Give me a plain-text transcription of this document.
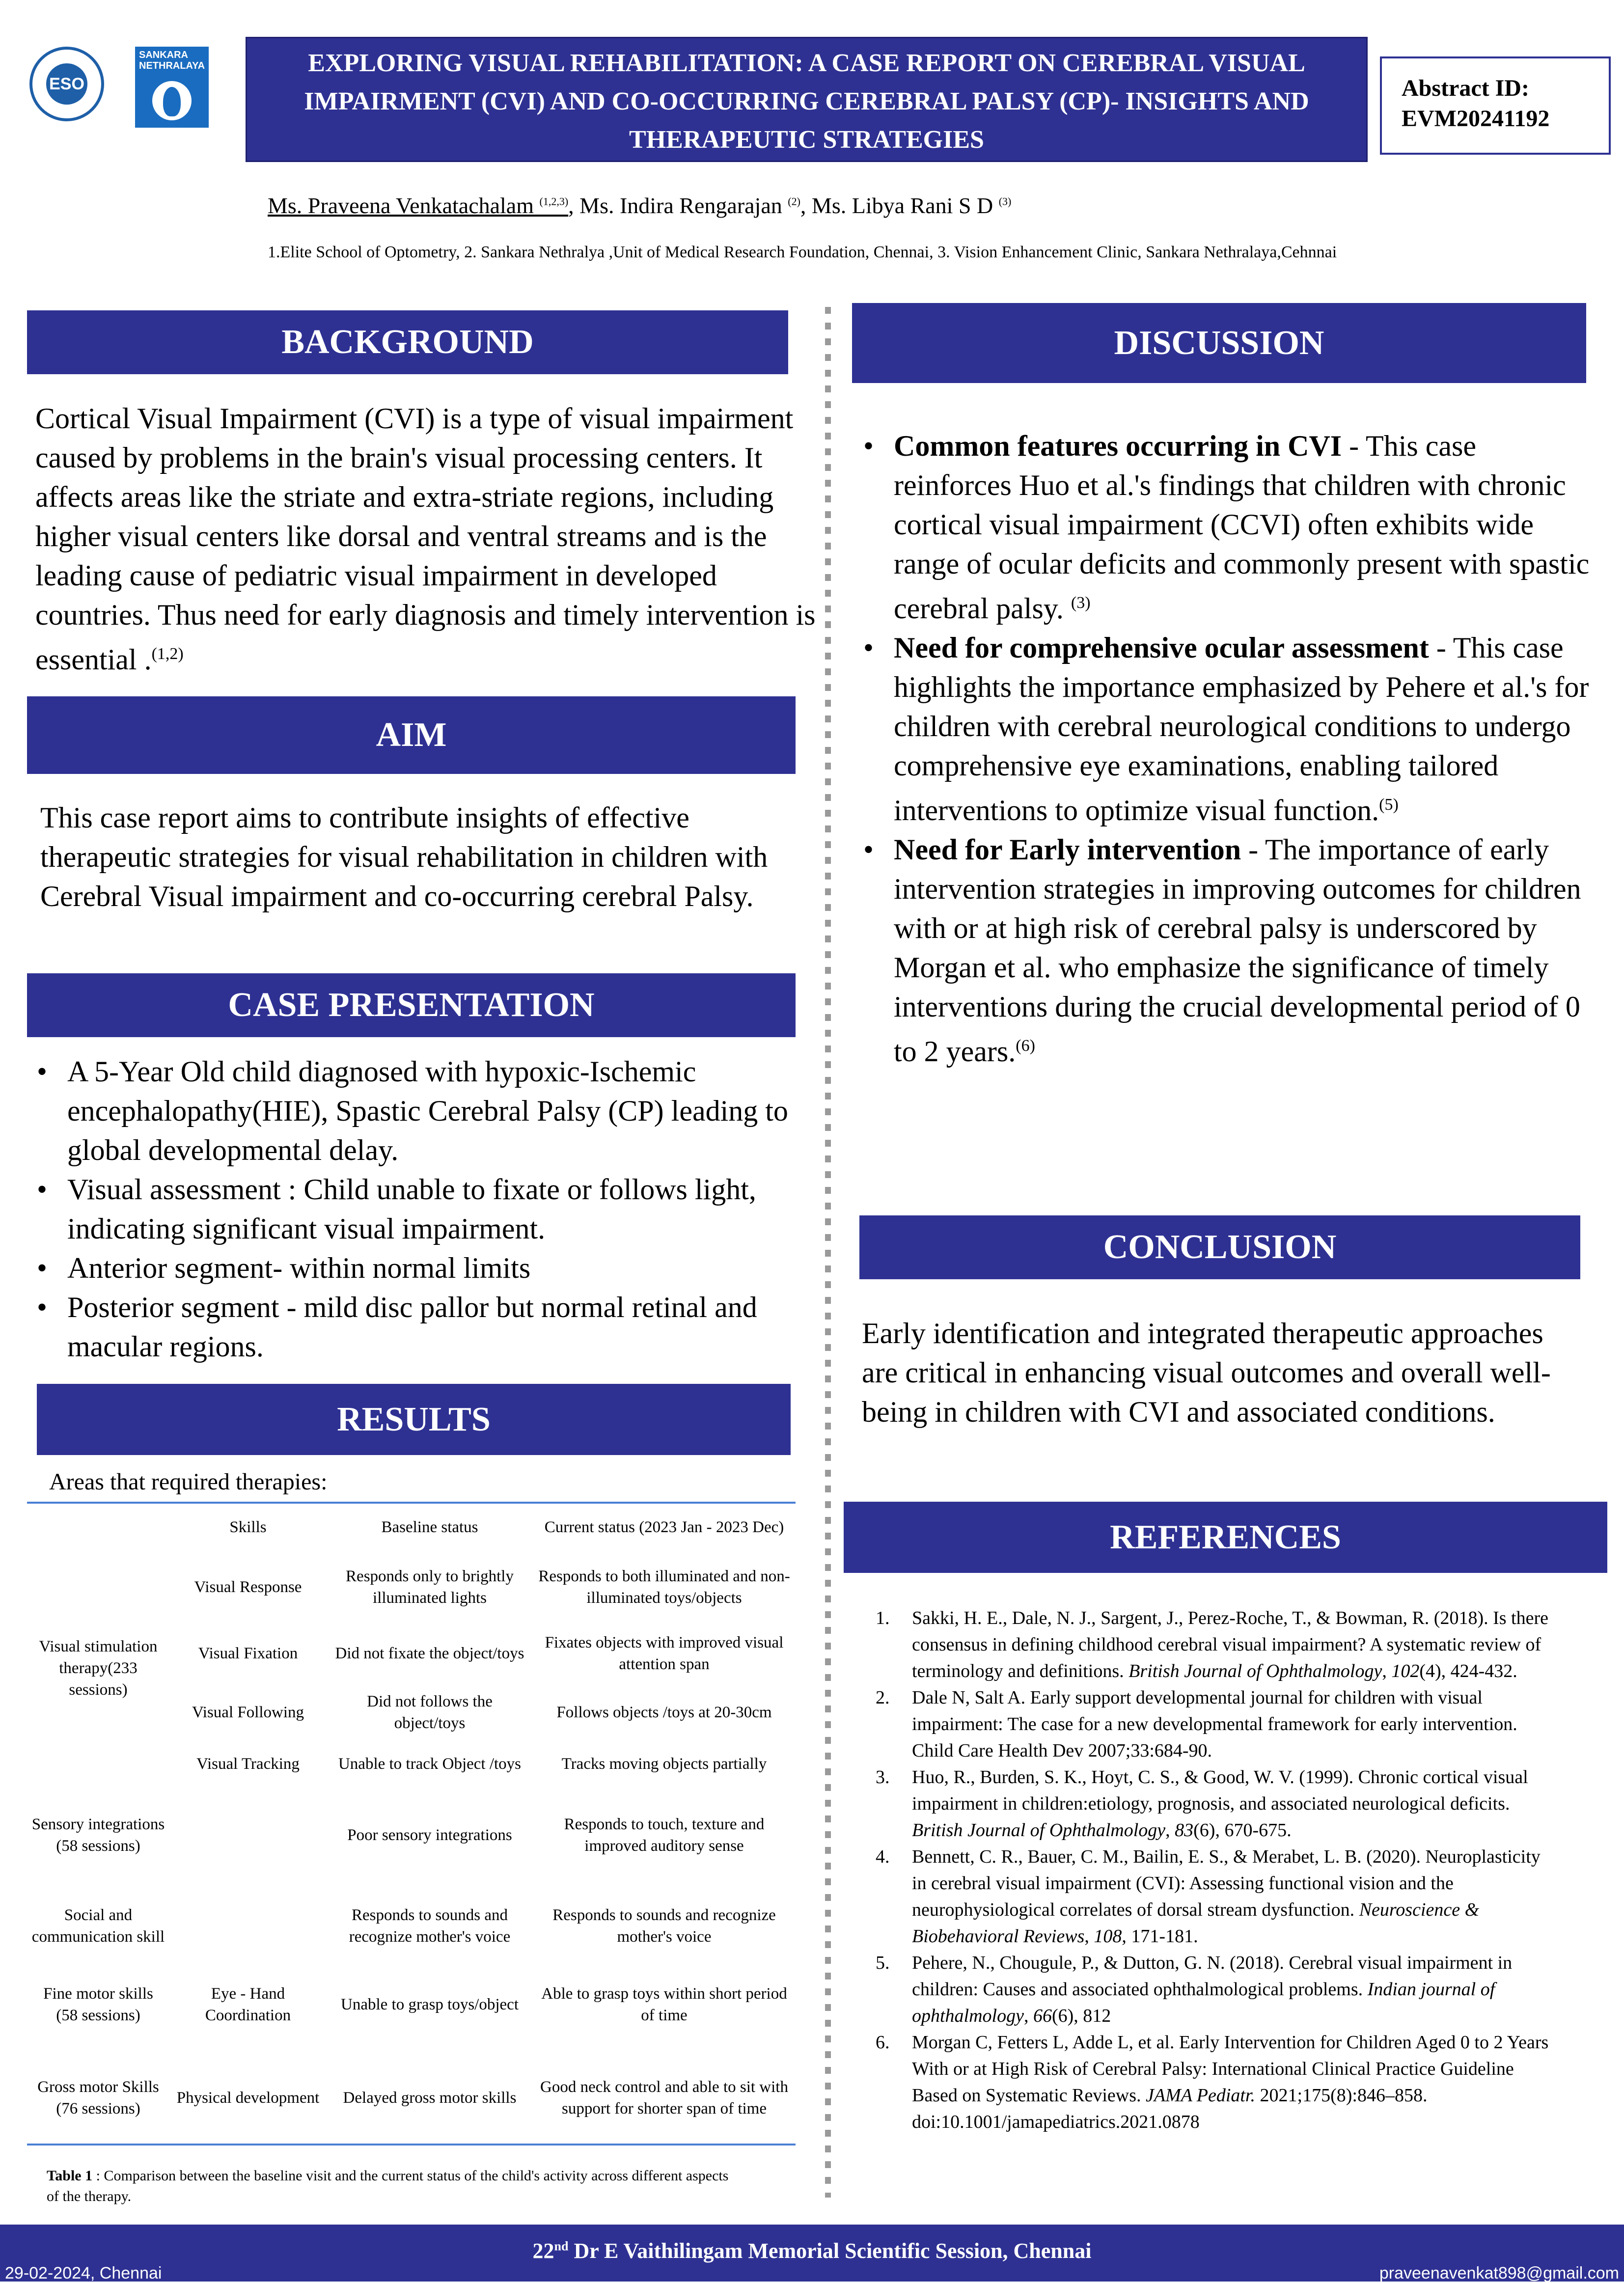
ESO
SANKARA NETHRALAYA	EXPLORING VISUAL REHABILITATION: A CASE REPORT ON CEREBRAL VISUAL IMPAIRMENT (CVI) AND CO-OCCURRING CEREBRAL PALSY (CP)- INSIGHTS AND THERAPEUTIC STRATEGIES
Abstract ID:
EVM20241192
Ms. Praveena Venkatachalam $^{(1,2,3)}$, Ms. Indira Rengarajan $^{(2)}$, Ms. Libya Rani S D $^{(3)}$
1.Elite School of Optometry, 2. Sankara Nethralya ,Unit of Medical Research Foundation, Chennai, 3. Vision Enhancement Clinic, Sankara Nethralaya,Cehnnai
BACKGROUND
Cortical Visual Impairment (CVI) is a type of visual impairment caused by problems in the brain's visual processing centers. It affects areas like the striate and extra-striate regions, including higher visual centers like dorsal and ventral streams and is the leading cause of pediatric visual impairment in developed countries. Thus need for early diagnosis and timely intervention is essential .$^{(1,2)}$
AIM
This case report aims to contribute insights of effective therapeutic strategies for visual rehabilitation in children with Cerebral Visual impairment and co-occurring cerebral Palsy.
CASE PRESENTATION
• A 5-Year Old child diagnosed with hypoxic-Ischemic encephalopathy(HIE), Spastic Cerebral Palsy (CP) leading to global developmental delay.
• Visual assessment : Child unable to fixate or follows light, indicating significant visual impairment.
• Anterior segment- within normal limits
• Posterior segment - mild disc pallor but normal retinal and macular regions.
RESULTS
Areas that required therapies:
	Skills	Baseline status	Current status (2023 Jan - 2023 Dec)
Visual stimulation therapy(233 sessions)	Visual Response	Responds only to brightly illuminated lights	Responds to both illuminated and non-illuminated toys/objects
	Visual Fixation	Did not fixate the object/toys	Fixates objects with improved visual attention span
	Visual Following	Did not follows the object/toys	Follows objects /toys at 20-30cm
	Visual Tracking	Unable to track Object /toys	Tracks moving objects partially
Sensory integrations (58 sessions)		Poor sensory integrations	Responds to touch, texture and improved auditory sense
Social and communication skill		Responds to sounds and recognize mother's voice	Responds to sounds and recognize mother's voice
Fine motor skills (58 sessions)	Eye - Hand Coordination	Unable to grasp toys/object	Able to grasp toys within short period of time
Gross motor Skills (76 sessions)	Physical development	Delayed gross motor skills	Good neck control and able to sit with support for shorter span of time
Table 1 : Comparison between the baseline visit and the current status of the child's activity across different aspects of the therapy.
DISCUSSION
• Common features occurring in CVI - This case reinforces Huo et al.'s findings that children with chronic cortical visual impairment (CCVI) often exhibits wide range of ocular deficits and commonly present with spastic cerebral palsy. $^{(3)}$
• Need for comprehensive ocular assessment - This case highlights the importance emphasized by Pehere et al.'s for children with cerebral neurological conditions to undergo comprehensive eye examinations, enabling tailored interventions to optimize visual function.$^{(5)}$
• Need for Early intervention - The importance of early intervention strategies in improving outcomes for children with or at high risk of cerebral palsy is underscored by Morgan et al. who emphasize the significance of timely interventions during the crucial developmental period of 0 to 2 years.$^{(6)}$
CONCLUSION
Early identification and integrated therapeutic approaches are critical in enhancing visual outcomes and overall well-being in children with CVI and associated conditions.
REFERENCES
1. Sakki, H. E., Dale, N. J., Sargent, J., Perez-Roche, T., & Bowman, R. (2018). Is there consensus in defining childhood cerebral visual impairment? A systematic review of terminology and definitions. British Journal of Ophthalmology, 102(4), 424-432.
2. Dale N, Salt A. Early support developmental journal for children with visual impairment: The case for a new developmental framework for early intervention. Child Care Health Dev 2007;33:684-90.
3. Huo, R., Burden, S. K., Hoyt, C. S., & Good, W. V. (1999). Chronic cortical visual impairment in children:etiology, prognosis, and associated neurological deficits. British Journal of Ophthalmology, 83(6), 670-675.
4. Bennett, C. R., Bauer, C. M., Bailin, E. S., & Merabet, L. B. (2020). Neuroplasticity in cerebral visual impairment (CVI): Assessing functional vision and the neurophysiological correlates of dorsal stream dysfunction. Neuroscience & Biobehavioral Reviews, 108, 171-181.
5. Pehere, N., Chougule, P., & Dutton, G. N. (2018). Cerebral visual impairment in children: Causes and associated ophthalmological problems. Indian journal of ophthalmology, 66(6), 812
6. Morgan C, Fetters L, Adde L, et al. Early Intervention for Children Aged 0 to 2 Years With or at High Risk of Cerebral Palsy: International Clinical Practice Guideline Based on Systematic Reviews. JAMA Pediatr. 2021;175(8):846–858. doi:10.1001/jamapediatrics.2021.0878
29-02-2024, Chennai
22nd Dr E Vaithilingam Memorial Scientific Session, Chennai
praveenavenkat898@gmail.com
